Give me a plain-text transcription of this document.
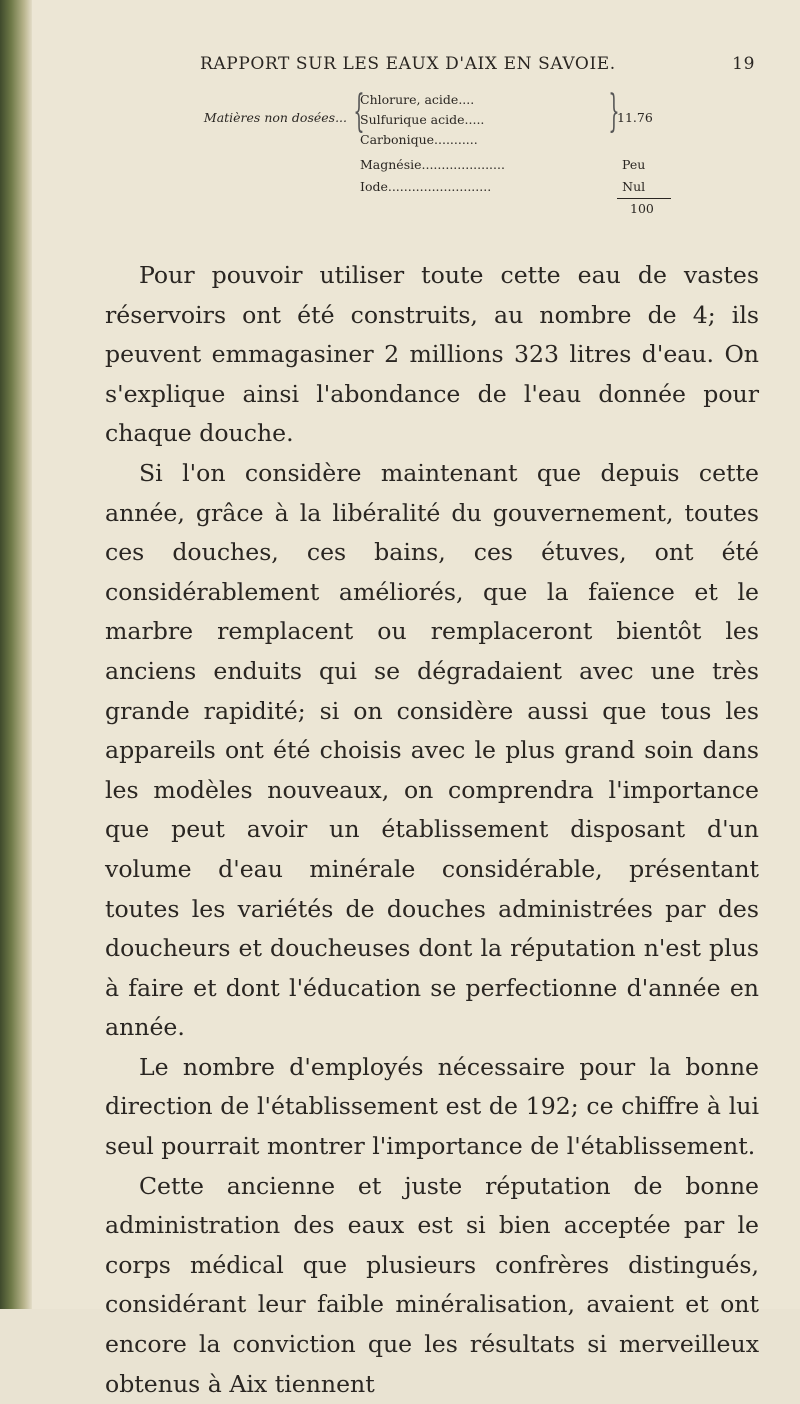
RAPPORT SUR LES EAUX D'AIX EN SAVOIE.	19
Matières non dosées... {
Chlorure, acide....
Sulfurique acide.....
Carbonique...........
}
11.76
Magnésie.....................
Iode..........................
Peu
Nul
100

Pour pouvoir utiliser toute cette eau de vastes réservoirs ont été construits, au nombre de 4; ils peuvent emmagasiner 2 millions 323 litres d'eau. On s'explique ainsi l'abondance de l'eau donnée pour chaque douche.

Si l'on considère maintenant que depuis cette année, grâce à la libéralité du gouvernement, toutes ces douches, ces bains, ces étuves, ont été considérablement améliorés, que la faïence et le marbre remplacent ou remplaceront bientôt les anciens enduits qui se dégradaient avec une très grande rapidité; si on considère aussi que tous les appareils ont été choisis avec le plus grand soin dans les modèles nouveaux, on comprendra l'importance que peut avoir un établissement disposant d'un volume d'eau minérale considérable, présentant toutes les variétés de douches administrées par des doucheurs et doucheuses dont la réputation n'est plus à faire et dont l'éducation se perfectionne d'année en année.

Le nombre d'employés nécessaire pour la bonne direction de l'établissement est de 192; ce chiffre à lui seul pourrait montrer l'importance de l'établissement.

Cette ancienne et juste réputation de bonne administration des eaux est si bien acceptée par le corps médical que plusieurs confrères distingués, considérant leur faible minéralisation, avaient et ont encore la conviction que les résultats si merveilleux obtenus à Aix tiennent
